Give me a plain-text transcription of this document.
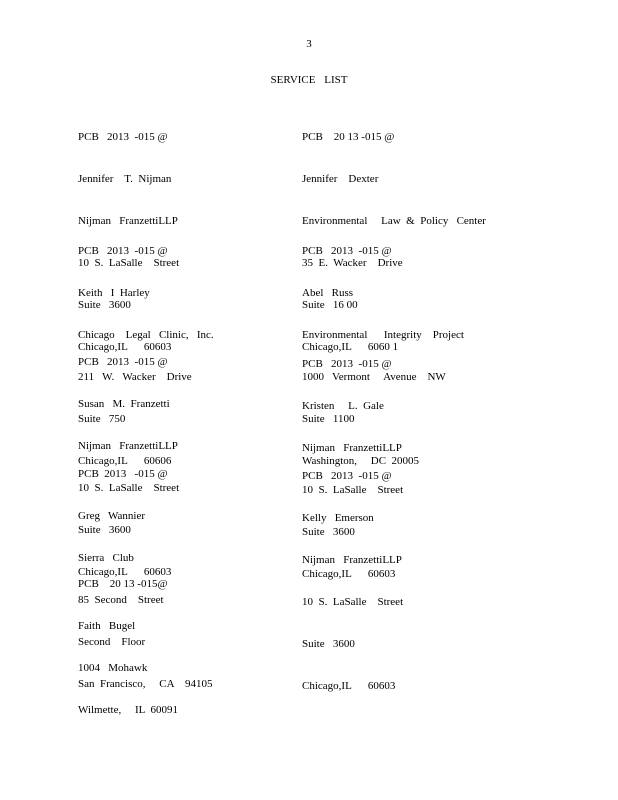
3
SERVICE LIST

PCB   2013  -015 @

Jennifer    T.  Nijman

Nijman   FranzettiLLP

10  S.  LaSalle    Street

Suite   3600

Chicago,IL      60603

PCB    20 13 -015 @

Jennifer    Dexter

Environmental     Law  &  Policy   Center

35  E.  Wacker    Drive

Suite   16 00

Chicago,IL      6060 1

PCB   2013  -015 @

Keith   I  Harley

Chicago    Legal   Clinic,   Inc.

211   W.   Wacker    Drive

Suite   750

Chicago,IL      60606

PCB   2013  -015 @

Abel   Russ

Environmental      Integrity    Project

1000   Vermont     Avenue    NW

Suite   1100

Washington,     DC  20005

PCB   2013  -015 @

Susan   M.  Franzetti

Nijman   FranzettiLLP

10  S.  LaSalle    Street

Suite   3600

Chicago,IL      60603

PCB   2013  -015 @

Kristen     L.  Gale

Nijman   FranzettiLLP

10  S.  LaSalle    Street

Suite   3600

Chicago,IL      60603

PCB  2013   -015 @

Greg   Wannier

Sierra   Club

85  Second    Street

Second    Floor

San  Francisco,     CA    94105

PCB   2013  -015 @

Kelly   Emerson

Nijman   FranzettiLLP

10  S.  LaSalle    Street

Suite   3600

Chicago,IL      60603

PCB    20 13 -015@

Faith   Bugel

1004   Mohawk

Wilmette,     IL  60091
